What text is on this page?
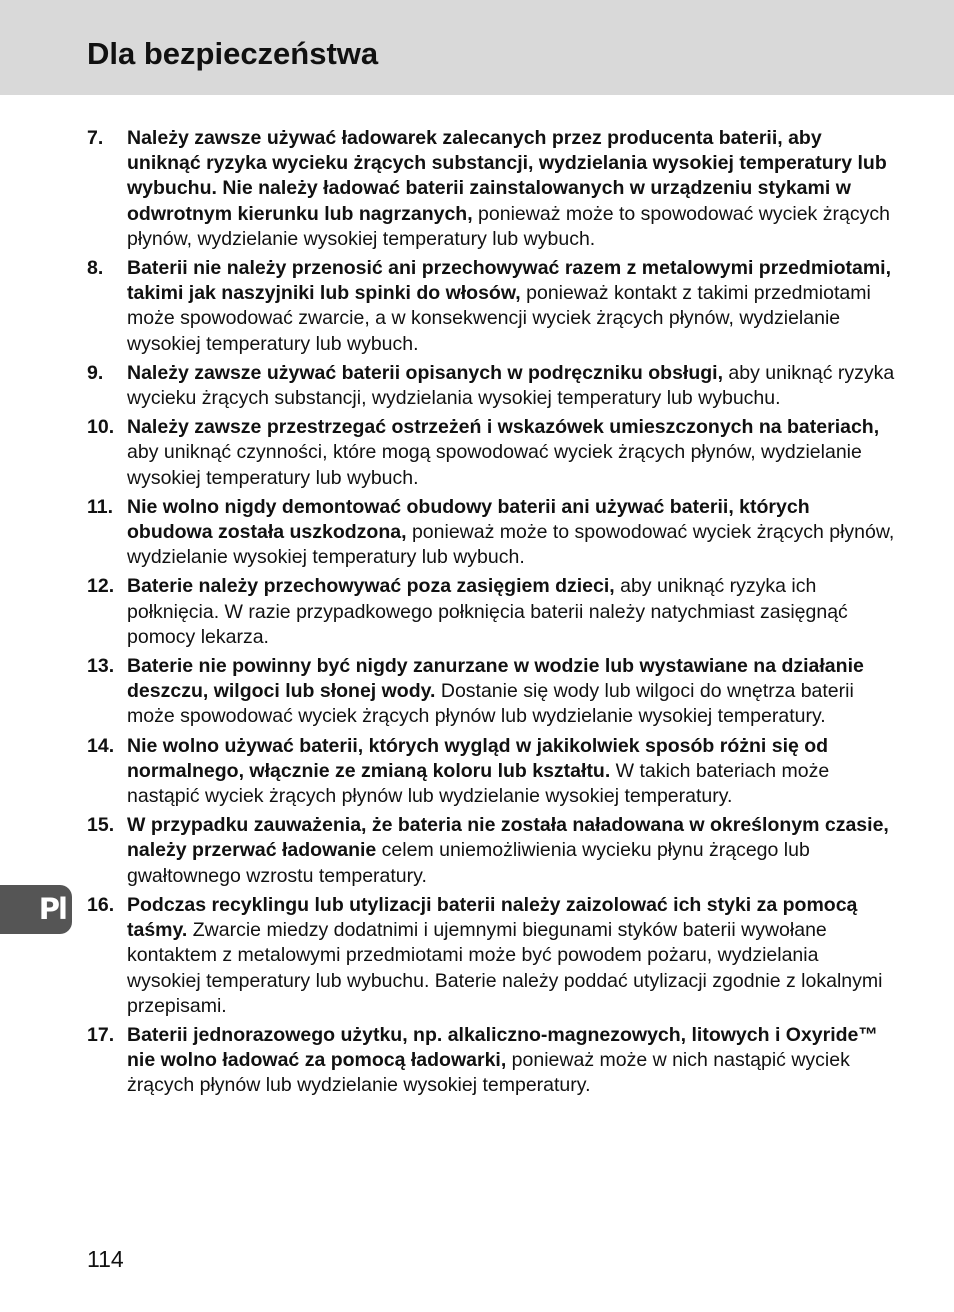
Dla bezpieczeństwa
7.	Należy zawsze używać ładowarek zalecanych przez producenta baterii, aby uniknąć ryzyka wycieku żrących substancji, wydzielania wysokiej temperatury lub wybuchu. Nie należy ładować baterii zainstalowanych w urządzeniu stykami w odwrotnym kierunku lub nagrzanych, ponieważ może to spowodować wyciek żrących płynów, wydzielanie wysokiej temperatury lub wybuch.
8.	Baterii nie należy przenosić ani przechowywać razem z metalowymi przedmiotami, takimi jak naszyjniki lub spinki do włosów, ponieważ kontakt z takimi przedmiotami może spowodować zwarcie, a w konsekwencji wyciek żrących płynów, wydzielanie wysokiej temperatury lub wybuch.
9.	Należy zawsze używać baterii opisanych w podręczniku obsługi, aby uniknąć ryzyka wycieku żrących substancji, wydzielania wysokiej temperatury lub wybuchu.
10. Należy zawsze przestrzegać ostrzeżeń i wskazówek umieszczonych na bateriach, aby uniknąć czynności, które mogą spowodować wyciek żrących płynów, wydzielanie wysokiej temperatury lub wybuch.
11. Nie wolno nigdy demontować obudowy baterii ani używać baterii, których obudowa została uszkodzona, ponieważ może to spowodować wyciek żrących płynów, wydzielanie wysokiej temperatury lub wybuch.
12. Baterie należy przechowywać poza zasięgiem dzieci, aby uniknąć ryzyka ich połknięcia. W razie przypadkowego połknięcia baterii należy natychmiast zasięgnąć pomocy lekarza.
13. Baterie nie powinny być nigdy zanurzane w wodzie lub wystawiane na działanie deszczu, wilgoci lub słonej wody. Dostanie się wody lub wilgoci do wnętrza baterii może spowodować wyciek żrących płynów lub wydzielanie wysokiej temperatury.
14. Nie wolno używać baterii, których wygląd w jakikolwiek sposób różni się od normalnego, włącznie ze zmianą koloru lub kształtu. W takich bateriach może nastąpić wyciek żrących płynów lub wydzielanie wysokiej temperatury.
15. W przypadku zauważenia, że bateria nie została naładowana w określonym czasie, należy przerwać ładowanie celem uniemożliwienia wycieku płynu żrącego lub gwałtownego wzrostu temperatury.
16. Podczas recyklingu lub utylizacji baterii należy zaizolować ich styki za pomocą taśmy. Zwarcie miedzy dodatnimi i ujemnymi biegunami styków baterii wywołane kontaktem z metalowymi przedmiotami może być powodem pożaru, wydzielania wysokiej temperatury lub wybuchu. Baterie należy poddać utylizacji zgodnie z lokalnymi przepisami.
17. Baterii jednorazowego użytku, np. alkaliczno-magnezowych, litowych i Oxyride™ nie wolno ładować za pomocą ładowarki, ponieważ może w nich nastąpić wyciek żrących płynów lub wydzielanie wysokiej temperatury.
Pl
114
